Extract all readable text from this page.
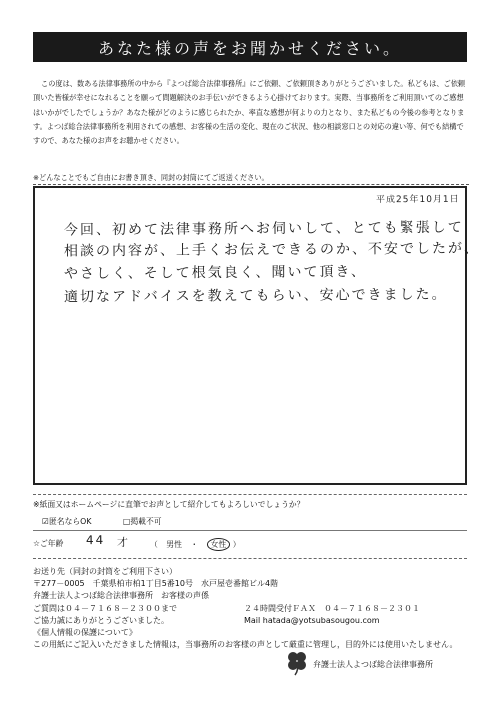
あなた様の声をお聞かせください。

この度は、数ある法律事務所の中から『よつば総合法律事務所』にご依頼、ご依頼頂きありがとうございました。私どもは、ご依頼頂いた皆様が幸せになれることを願って問題解決のお手伝いができるよう心掛けております。実際、当事務所をご利用頂いてのご感想はいかがでしたでしょうか？あなた様がどのように感じられたか、率直な感想が何よりの力となり、また私どもの今後の参考となります。よつば総合法律事務所を利用されての感想、お客様の生活の変化、現在のご状況、他の相談窓口との対応の違い等、何でも結構ですので、あなた様のお声をお聴かせください。

※どんなことでもご自由にお書き頂き、同封の封筒にてご返送ください。
平成25年10月1日
今回、初めて法律事務所へお伺いして、とても緊張して
相談の内容が、上手くお伝えできるのか、不安でしたが、
やさしく、そして根気良く、聞いて頂き、
適切なアドバイスを教えてもらい、安心できました。
※紙面又はホームページに直筆でお声として紹介してもよろしいでしょうか？
☑匿名ならOK	□掲載不可
☆ご年齢 44 才	（ 男性 ・ 女性 ）
お送り先（同封の封筒をご利用下さい）
〒277－0005　千葉県柏市柏1丁目5番10号　水戸屋壱番館ビル4階
弁護士法人よつば総合法律事務所　お客様の声係
ご質問は０４－７１６８－２３００まで
ご協力誠にありがとうございました。
《個人情報の保護について》
この用紙にご記入いただきました情報は，当事務所のお客様の声として厳重に管理し，目的外には使用いたしません。
２４時間受付ＦＡＸ　０４－７１６８－２３０１
Mail hatada@yotsubasougou.com
弁護士法人よつば総合法律事務所
